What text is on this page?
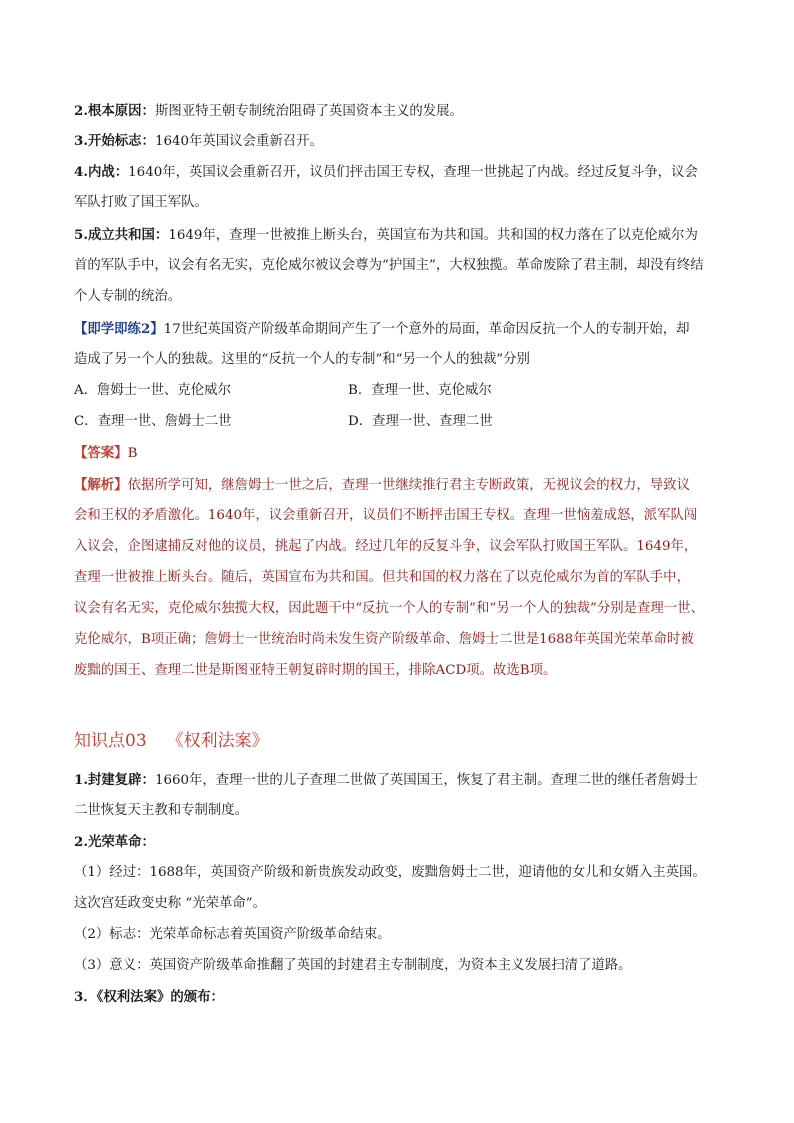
2.根本原因：斯图亚特王朝专制统治阻碍了英国资本主义的发展。
3.开始标志：1640年英国议会重新召开。
4.内战：1640年，英国议会重新召开，议员们抨击国王专权，查理一世挑起了内战。经过反复斗争，议会
军队打败了国王军队。
5.成立共和国：1649年，查理一世被推上断头台，英国宣布为共和国。共和国的权力落在了以克伦威尔为
首的军队手中，议会有名无实，克伦威尔被议会尊为“护国主”，大权独揽。革命废除了君主制，却没有终结
个人专制的统治。
【即学即练2】17世纪英国资产阶级革命期间产生了一个意外的局面，革命因反抗一个人的专制开始，却
造成了另一个人的独裁。这里的“反抗一个人的专制”和“另一个人的独裁”分别
A．詹姆士一世、克伦威尔	B．查理一世、克伦威尔
C．查理一世、詹姆士二世	D．查理一世、查理二世
【答案】B
【解析】依据所学可知，继詹姆士一世之后，查理一世继续推行君主专断政策，无视议会的权力，导致议
会和王权的矛盾激化。1640年，议会重新召开，议员们不断抨击国王专权。查理一世恼羞成怒，派军队闯
入议会，企图逮捕反对他的议员，挑起了内战。经过几年的反复斗争，议会军队打败国王军队。1649年，
查理一世被推上断头台。随后，英国宣布为共和国。但共和国的权力落在了以克伦威尔为首的军队手中，
议会有名无实，克伦威尔独揽大权，因此题干中“反抗一个人的专制”和“另一个人的独裁”分别是查理一世、
克伦威尔，B项正确；詹姆士一世统治时尚未发生资产阶级革命、詹姆士二世是1688年英国光荣革命时被
废黜的国王、查理二世是斯图亚特王朝复辟时期的国王，排除ACD项。故选B项。
知识点03 《权利法案》
1.封建复辟：1660年，查理一世的儿子查理二世做了英国国王，恢复了君主制。查理二世的继任者詹姆士
二世恢复天主教和专制制度。
2.光荣革命：
（1）经过：1688年，英国资产阶级和新贵族发动政变，废黜詹姆士二世，迎请他的女儿和女婿入主英国。
这次宫廷政变史称 “光荣革命”。
（2）标志：光荣革命标志着英国资产阶级革命结束。
（3）意义：英国资产阶级革命推翻了英国的封建君主专制制度，为资本主义发展扫清了道路。
3．《权利法案》的颁布：
